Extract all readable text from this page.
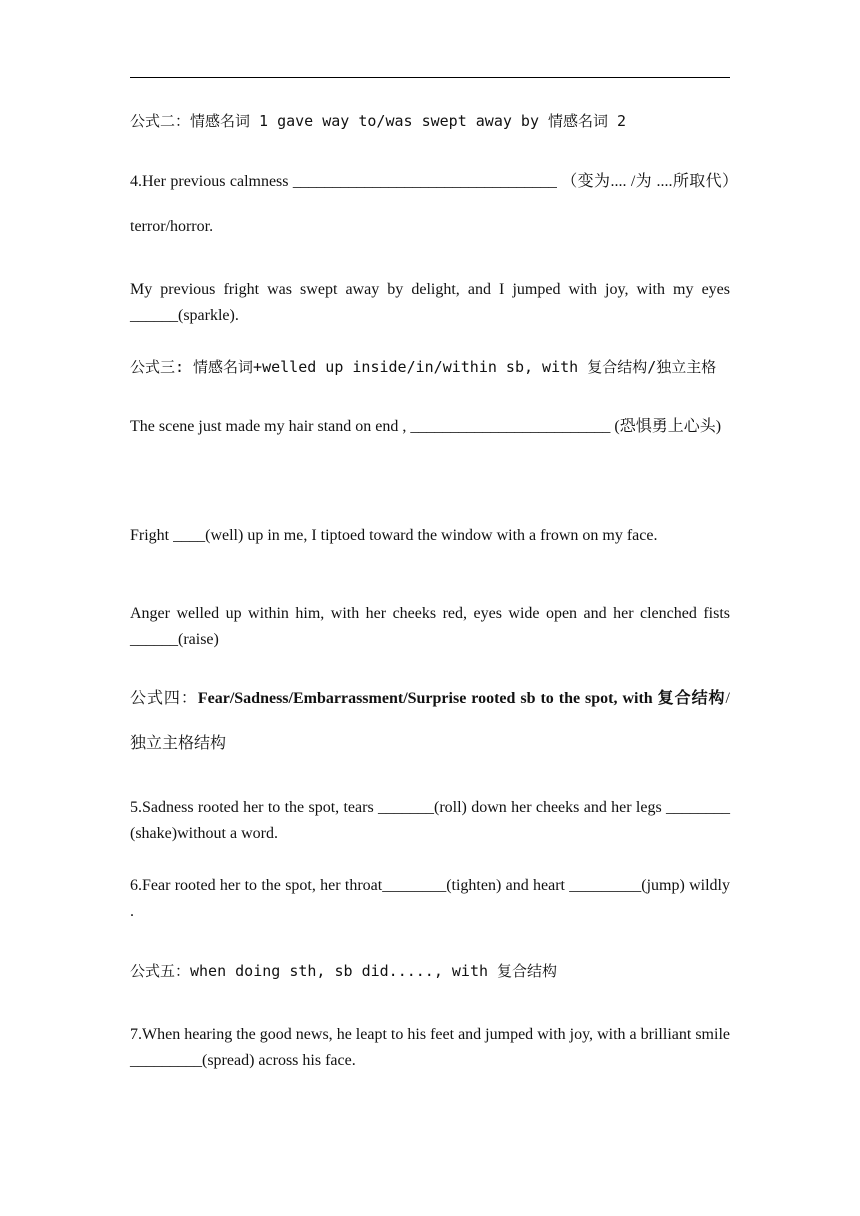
公式二：情感名词 1 gave way to/was swept away by 情感名词 2

4.Her previous calmness _________________________________ （变为.... /为 ....所取代）terror/horror.

My previous fright was swept away by delight, and I jumped with joy, with my eyes ______(sparkle).

公式三: 情感名词+welled up inside/in/within sb, with 复合结构/独立主格

The scene just made my hair stand on end , _________________________ (恐惧勇上心头)

Fright ____(well) up in me, I tiptoed toward the window with a frown on my face.

Anger welled up within him, with her cheeks red, eyes wide open and her clenched fists ______(raise)

公式四：Fear/Sadness/Embarrassment/Surprise rooted sb to the spot, with 复合结构/独立主格结构

5.Sadness rooted her to the spot, tears _______(roll) down her cheeks and her legs ________ (shake)without a word.

6.Fear rooted her to the spot, her throat________(tighten) and heart _________(jump) wildly .

公式五：when doing sth, sb did....., with 复合结构

7.When hearing the good news, he leapt to his feet and jumped with joy, with a brilliant smile _________(spread) across his face.
